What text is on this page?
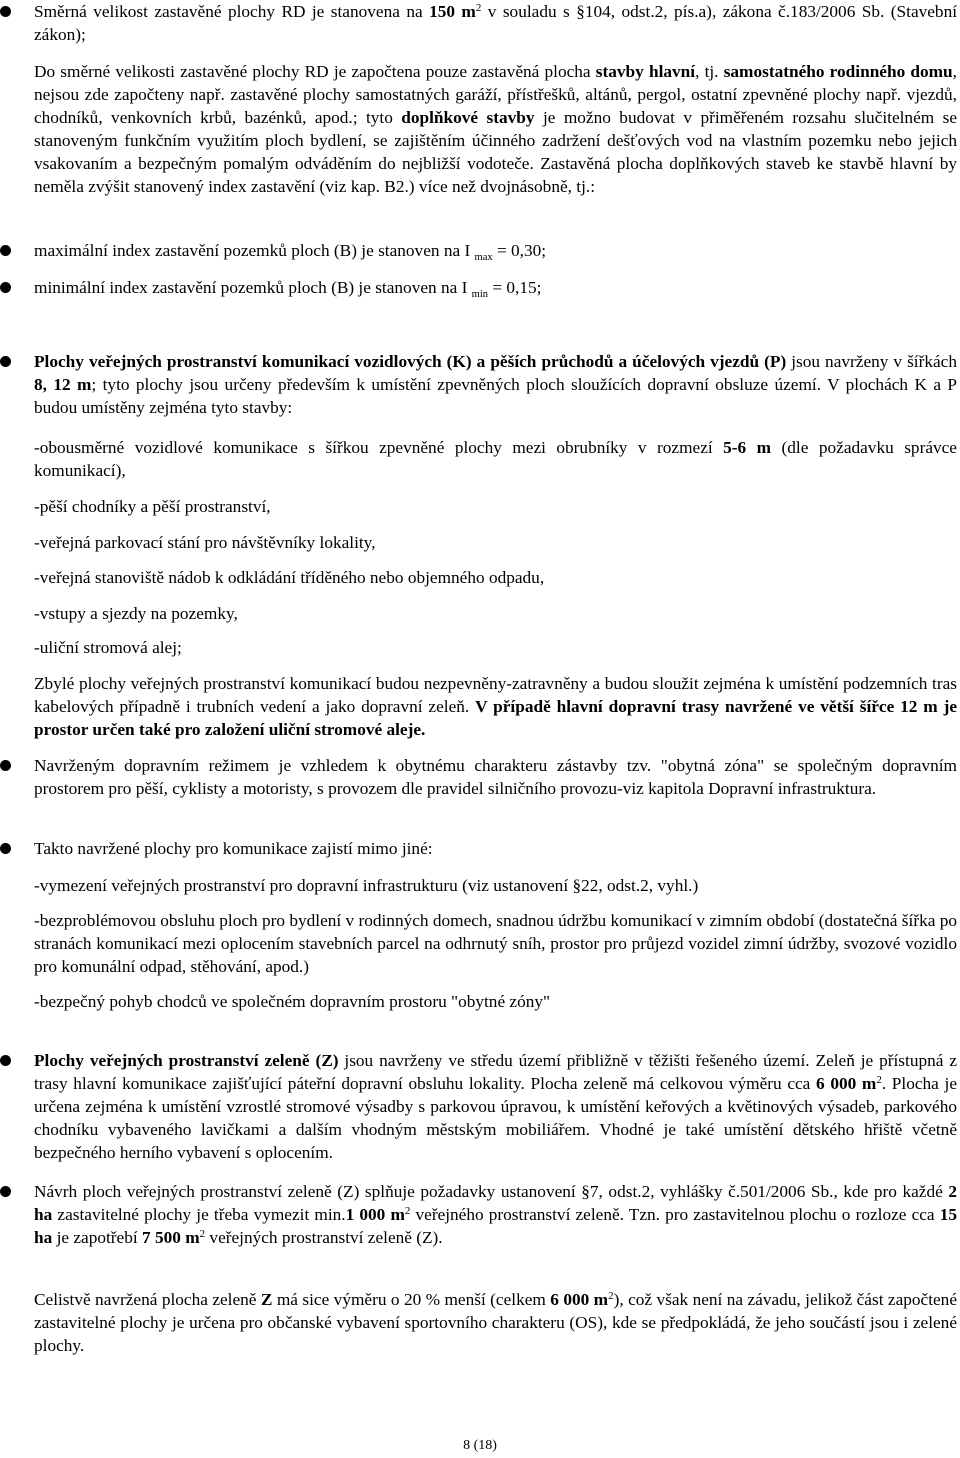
Směrná velikost zastavěné plochy RD je stanovena na 150 $m^2$ v souladu s §104, odst.2, pís.a), zákona č.183/2006 Sb. (Stavební zákon);

Do směrné velikosti zastavěné plochy RD je započtena pouze zastavěná plocha stavby hlavní, tj. samostatného rodinného domu, nejsou zde započteny např. zastavěné plochy samostatných garáží, přístřešků, altánů, pergol, ostatní zpevněné plochy např. vjezdů, chodníků, venkovních krbů, bazénků, apod.; tyto doplňkové stavby je možno budovat v přiměřeném rozsahu slučitelném se stanoveným funkčním využitím ploch bydlení, se zajištěním účinného zadržení dešťových vod na vlastním pozemku nebo jejich vsakovaním a bezpečným pomalým odváděním do nejbližší vodoteče. Zastavěná plocha doplňkových staveb ke stavbě hlavní by neměla zvýšit stanovený index zastavění (viz kap. B2.) více než dvojnásobně, tj.:

maximální index zastavění pozemků ploch (B) je stanoven na I $_{max}$ = 0,30;

minimální index zastavění pozemků ploch (B) je stanoven na I $_{min}$ = 0,15;

Plochy veřejných prostranství komunikací vozidlových (K) a pěších průchodů a účelových vjezdů (P) jsou navrženy v šířkách 8, 12 m; tyto plochy jsou určeny především k umístění zpevněných ploch sloužících dopravní obsluze území. V plochách K a P budou umístěny zejména tyto stavby:

-obousměrné vozidlové komunikace s šířkou zpevněné plochy mezi obrubníky v rozmezí 5-6 m (dle požadavku správce komunikací),

-pěší chodníky a pěší prostranství,

-veřejná parkovací stání pro návštěvníky lokality,

-veřejná stanoviště nádob k odkládání tříděného nebo objemného odpadu,

-vstupy a sjezdy na pozemky,

-uliční stromová alej;

Zbylé plochy veřejných prostranství komunikací budou nezpevněny-zatravněny a budou sloužit zejména k umístění podzemních tras kabelových případně i trubních vedení a jako dopravní zeleň. V případě hlavní dopravní trasy navržené ve větší šířce 12 m je prostor určen také pro založení uliční stromové aleje.

Navrženým dopravním režimem je vzhledem k obytnému charakteru zástavby tzv. "obytná zóna" se společným dopravním prostorem pro pěší, cyklisty a motoristy, s provozem dle pravidel silničního provozu-viz kapitola Dopravní infrastruktura.

Takto navržené plochy pro komunikace zajistí mimo jiné:

-vymezení veřejných prostranství pro dopravní infrastrukturu (viz ustanovení §22, odst.2, vyhl.)

-bezproblémovou obsluhu ploch pro bydlení v rodinných domech, snadnou údržbu komunikací v zimním období (dostatečná šířka po stranách komunikací mezi oplocením stavebních parcel na odhrnutý sníh, prostor pro průjezd vozidel zimní údržby, svozové vozidlo pro komunální odpad, stěhování, apod.)

-bezpečný pohyb chodců ve společném dopravním prostoru "obytné zóny"

Plochy veřejných prostranství zeleně (Z) jsou navrženy ve středu území přibližně v těžišti řešeného území. Zeleň je přístupná z trasy hlavní komunikace zajišťující páteřní dopravní obsluhu lokality. Plocha zeleně má celkovou výměru cca 6 000 $m^2$. Plocha je určena zejména k umístění vzrostlé stromové výsadby s parkovou úpravou, k umístění keřových a květinových výsadeb, parkového chodníku vybaveného lavičkami a dalším vhodným městským mobiliářem. Vhodné je také umístění dětského hřiště včetně bezpečného herního vybavení s oplocením.

Návrh ploch veřejných prostranství zeleně (Z) splňuje požadavky ustanovení §7, odst.2, vyhlášky č.501/2006 Sb., kde pro každé 2 ha zastavitelné plochy je třeba vymezit min.1 000 $m^2$ veřejného prostranství zeleně. Tzn. pro zastavitelnou plochu o rozloze cca 15 ha je zapotřebí 7 500 $m^2$ veřejných prostranství zeleně (Z).

Celistvě navržená plocha zeleně Z má sice výměru o 20 % menší (celkem 6 000 $m^2$), což však není na závadu, jelikož část započtené zastavitelné plochy je určena pro občanské vybavení sportovního charakteru (OS), kde se předpokládá, že jeho součástí jsou i zelené plochy.

8 (18)
